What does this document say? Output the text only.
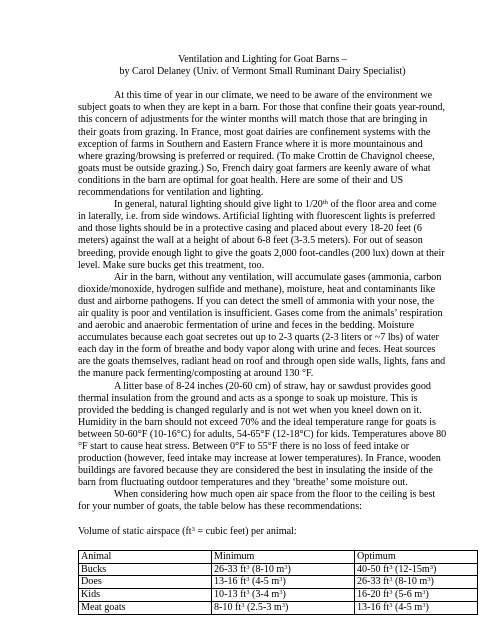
Ventilation and Lighting for Goat Barns –

by Carol Delaney (Univ. of Vermont Small Ruminant Dairy Specialist)

At this time of year in our climate, we need to be aware of the environment we subject goats to when they are kept in a barn. For those that confine their goats year-round, this concern of adjustments for the winter months will match those that are bringing in their goats from grazing. In France, most goat dairies are confinement systems with the exception of farms in Southern and Eastern France where it is more mountainous and where grazing/browsing is preferred or required. (To make Crottin de Chavignol cheese, goats must be outside grazing.) So, French dairy goat farmers are keenly aware of what conditions in the barn are optimal for goat health. Here are some of their and US recommendations for ventilation and lighting.

In general, natural lighting should give light to 1/20th of the floor area and come in laterally, i.e. from side windows. Artificial lighting with fluorescent lights is preferred and those lights should be in a protective casing and placed about every 18-20 feet (6 meters) against the wall at a height of about 6-8 feet (3-3.5 meters). For out of season breeding, provide enough light to give the goats 2,000 foot-candles (200 lux) down at their level. Make sure bucks get this treatment, too.

Air in the barn, without any ventilation, will accumulate gases (ammonia, carbon dioxide/monoxide, hydrogen sulfide and methane), moisture, heat and contaminants like dust and airborne pathogens. If you can detect the smell of ammonia with your nose, the air quality is poor and ventilation is insufficient. Gases come from the animals’ respiration and aerobic and anaerobic fermentation of urine and feces in the bedding. Moisture accumulates because each goat secretes out up to 2-3 quarts (2-3 liters or ~7 lbs) of water each day in the form of breathe and body vapor along with urine and feces. Heat sources are the goats themselves, radiant head on roof and through open side walls, lights, fans and the manure pack fermenting/composting at around 130 °F.

A litter base of 8-24 inches (20-60 cm) of straw, hay or sawdust provides good thermal insulation from the ground and acts as a sponge to soak up moisture. This is provided the bedding is changed regularly and is not wet when you kneel down on it. Humidity in the barn should not exceed 70% and the ideal temperature range for goats is between 50-60°F (10-16°C) for adults, 54-65°F (12-18°C) for kids. Temperatures above 80 °F start to cause heat stress. Between 0°F to 55°F there is no loss of feed intake or production (however, feed intake may increase at lower temperatures). In France, wooden buildings are favored because they are considered the best in insulating the inside of the barn from fluctuating outdoor temperatures and they ‘breathe’ some moisture out.

When considering how much open air space from the floor to the ceiling is best for your number of goats, the table below has these recommendations:

Volume of static airspace ($ft^3$ = cubic feet) per animal:

Animal	Minimum	Optimum
Bucks	26-33 $ft^3$ (8-10 $m^3$)	40-50 $ft^3$ $(12-15m^3)$
Does	13-16 $ft^3$ (4-5 $m^3$)	26-33 $ft^3$ (8-10 $m^3$)
Kids	10-13 $ft^3$ (3-4 $m^3$)	16-20 $ft^3$ (5-6 $m^3$)
Meat goats	8-10 $ft^3$ (2.5-3 $m^3$)	13-16 $ft^3$ (4-5 $m^3$)
